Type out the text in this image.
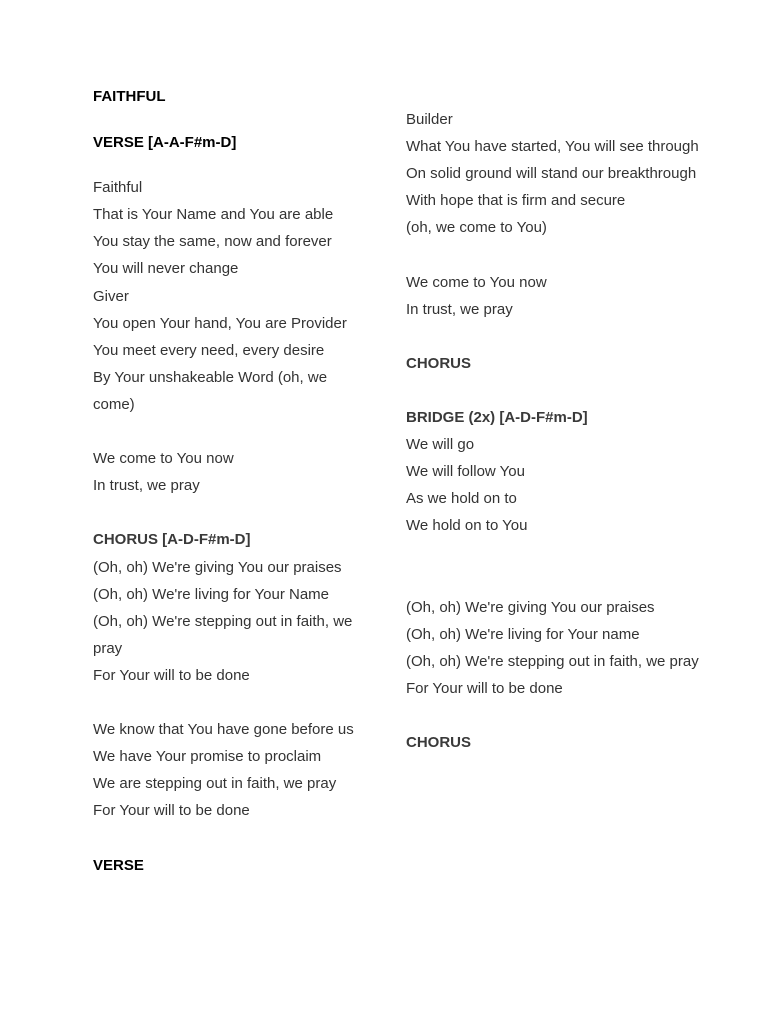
FAITHFUL
VERSE [A-A-F#m-D]
Faithful
That is Your Name and You are able
You stay the same, now and forever
You will never change
Giver
You open Your hand, You are Provider
You meet every need, every desire
By Your unshakeable Word (oh, we come)
We come to You now
In trust, we pray
CHORUS [A-D-F#m-D]
(Oh, oh) We're giving You our praises
(Oh, oh) We're living for Your Name
(Oh, oh) We're stepping out in faith, we pray
For Your will to be done
We know that You have gone before us
We have Your promise to proclaim
We are stepping out in faith, we pray
For Your will to be done
VERSE
Builder
What You have started, You will see through
On solid ground will stand our breakthrough
With hope that is firm and secure
(oh, we come to You)
We come to You now
In trust, we pray
CHORUS
BRIDGE (2x) [A-D-F#m-D]
We will go
We will follow You
As we hold on to
We hold on to You
(Oh, oh) We're giving You our praises
(Oh, oh) We're living for Your name
(Oh, oh) We're stepping out in faith, we pray
For Your will to be done
CHORUS
